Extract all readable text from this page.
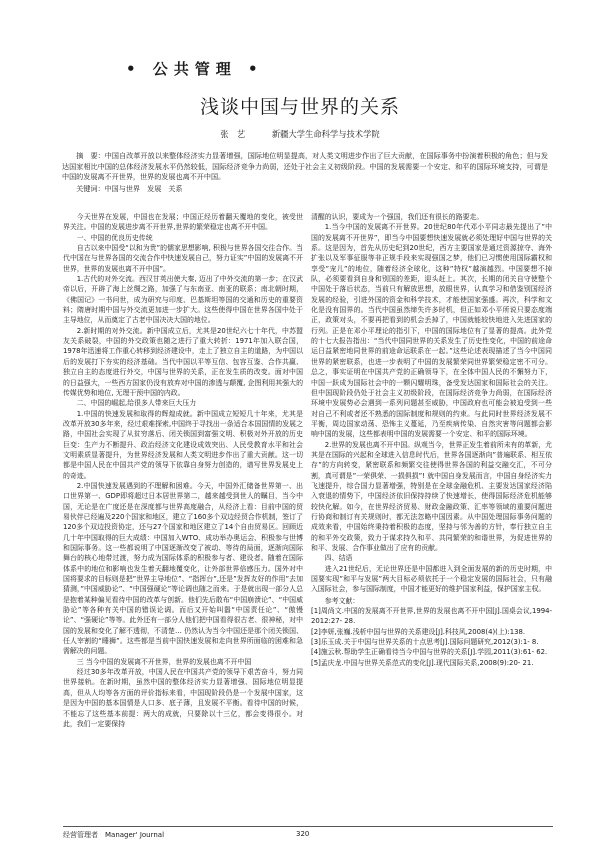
• 公共管理 •
浅谈中国与世界的关系
张　艺	新疆大学生命科学与技术学院
摘　要：中国自改革开放以来整体经济实力显著增强，国际地位明显提高，对人类文明进步作出了巨大贡献，在国际事务中扮演着积极的角色；但与发达国家相比中国的总体经济发展水平仍然较低，国际经济竞争力尚弱，还处于社会主义初级阶段。中国的发展需要一个安定、和平的国际环境支持，可谓是中国的发展离不开世界，世界的发展也离不开中国。
关键词：中国与世界　发展　关系

今天世界在发展，中国也在发展；中国正经历着翻天覆地的变化，被受世界关注。中国的发展进步离不开世界,世界的繁荣稳定也离不开中国。

一、中国的优良历史传统

自古以来中国受“以和为贵”的儒家思想影响, 积极与世界各国交往合作。当代中国在与世界各国的交流合作中快速发展自己，努力证实”中国的发展离不开世界，世界的发展也离不开中国”。

1.古代的对外交流。西汉甘英出使大秦, 迈出了中外交流的第一步；在汉武帝以后，开辟了海上丝绸之路，加强了与东南亚、南亚的联系；南北朝时期，《佛国记》一书问世，成为研究与印度、巴基斯坦等国的交通和历史的重要资料；隋唐时期中国与外交流更加进一步扩大。这些使得中国在世界各国中处于主导地位，从而奠定了古老中国决决大国的地位。

2.新时期的对外交流。新中国成立后，尤其是20世纪六七十年代，中苏盟友关系破裂，中国的外交政策也随之进行了重大转折：1971年加入联合国，1978年迅速将工作重心转移到经济建设中，走上了独立自主的道路，为中国以后的发展打下夯实的经济基础。当代中国以平等互信、包容互鉴、合作共赢、独立自主的态度进行外交，中国与世界的关系，正在发生质的改变。面对中国的日益强大，一些西方国家仍没有放弃对中国的渗透与颠覆, 企图利用其强大的传媒优势和地位, 无理干预中国的内政。

二、中国的崛起,给很多人带来巨大压力

1.中国的快速发展和取得的辉煌成就。新中国成立短短几十年来，尤其是改革开放30多年来，经过艰难探索,中国终于寻找出一条适合本国国情的发展之路，中国社会实现了从贫穷落后、闭关锁国到富强文明、积极对外开放的历史巨变：生产力不断提升、政治经济文化建设成效突出、人民受教育水平和社会文明素质显著提升，为世界经济发展和人类文明进步作出了重大贡献。这一切都是中国人民在中国共产党的领导下依靠自身努力创造的，谱写世界发展史上的奇迹。

2.中国快速发展遇到的不理解和困难。今天，中国外汇储备世界第一、出口世界第一、GDP即将超过日本居世界第二，越来越受到世人的瞩目，当今中国，无论是在广度还是在深度都与世界高度融合，从经济上看：目前中国的贸易伙伴已经遍及220个国家和地区，建立了160多个双边经贸合作机制，签订了120多个双边投资协定，还与27个国家和地区建立了14个自由贸易区。回顾近几十年中国取得的巨大成绩：中国加入WTO、成功举办奥运会、积极参与世博和国际事务。这一些都说明了中国逐渐改变了被动、等待的局面，逐渐向国际舞台的核心地带过渡，努力成为国际体系的积极参与者、建设者。随着在国际体系中的地位和影响也发生着天翻地覆变化，让外部世界倍感压力。国外对中国将要求的目标则是把”世界主导地位”、“指挥台”,还是”发挥友好的作用”去加猜测，”中国威胁论”、“中国强硬论”等论调也随之而来。于是就出现一部分人总是抱着某种偏见看待中国的改革与创新。他们先后散布“中国崩溃论”、“中国威胁论”等各种有关中国的错误论调。而后又开始叫嚣“中国责任论”、“傲慢论”、“强硬论”等等。此外还有一部分人他们把中国看得很古老、很神秘，对中国的发展和变化了解不透彻，不清楚… 仍然认为当今中国还是那个闭关锁国、任人宰割的“睡狮”。这些都是当前中国快速发展和走向世界所面临的困难和急需解决的问题。

三 当今中国的发展离不开世界，世界的发展也离不开中国

经过30多年改革开放，中国人民在中国共产党的领导下艰苦奋斗，努力同世界接轨。在新时期，虽然中国的整体经济实力显著增强、国际地位明显提高，但从人均等各方面的评价指标来看，中国现阶段仍是一个发展中国家，这是因为中国的基本国情是人口多、底子薄，且发展不平衡。看待中国的时候，不能忘了这些基本前提：两大的成就，只要除以十三亿，都会变得很小。对此，我们一定要保持

清醒的认识，要成为一个强国，我们还有很长的路要走。

1.当今中国的发展离不开世界。20世纪80年代邓小平同志最先提出了”中国的发展离不开世界”，即当今中国要想快速发展就必须处理好中国与世界的关系。这是因为，首先从历史纪到20世纪，西方主要国家是通过资源掠夺、海外扩张以及军事征服等非正规手段来实现强国之梦，他们已习惯使用国际霸权和享受”宠儿”的地位，随着经济全球化，这种”特权”越演越烈。中国要想不掉队，必须要看到自身和别国的差距，迎头赶上。其次，长期的闭关自守使整个中国处于落后状态，当前只有解放思想，放眼世界，认真学习和借鉴别国经济发展的经验，引进外国的资金和科学技术，才能使国家强盛。再次，科学和文化是没有国界的。当代中国虽然缔失许多时机，但正如邓小平所说只要态度端正，政策对头，不要再把看到的机会丢掉了，中国就能较快地进入先进国家的行列。正是在邓小平理论的指引下，中国的国际地位有了显著的提高。此外党的十七大报告指出：“当代中国同世界的关系发生了历史性变化，中国的前途命运日益紧密地同世界的前途命运联系在一起。”这些论述表现描述了当今中国同世界的紧密联系，也进一步表明了中国的发展繁荣同世界繁荣稳定密不可分。总之，事实证明在中国共产党的正确领导下，在全体中国人民的不懈努力下，中国一跃成为国际社会中的一颗闪耀明珠，备受发达国家和国际社会的关注。但中国现阶段仍处于社会主义初级阶段，在国际经济竞争力尚弱，在国际经济环境中发展势必会遇到一系列问题甚至威胁，中国政府也可能会被迫受到一些对自己不利或者还不熟悉的国际制度和规则的约束。与此同时世界经济发展不平衡，周边国家动荡、恐怖主义蔓延，乃至疾病传染、自然灾害等问题都会影响中国的发展，这些都表明中国的发展需要一个安定、和平的国际环境。

2.世界的发展也离不开中国。纵观当今，世界正发生着前所未有的革新，尤其是在国际的兴起和全球进入信息时代后，世界各国逐渐向”普遍联系、相互依存”的方向转变，紧密联系和频繁交往使得世界各国的利益交融交汇，不可分割，真可谓是”一荣俱荣、一损俱损”! 就中国自身发展而言，中国自身经济实力飞速提升，综合国力显著增强，特别是在全球金融危机、主要发达国家经济陷入衰退的情势下，中国经济依旧保持持续了快速增长，使得国际经济危机能够较快化解。如今，在世界经济贸易、财政金融政策、汇率等领域的重要问题进行协商和制订有关规则时，都无法忽略中国因素。从中国处理国际事务问题的成效来看，中国始终秉持着积极的态度，坚持与邻为善的方针，奉行独立自主的和平外交政策，致力于谋求持久和平、共同繁荣的和谐世界，为促进世界的和平、发展、合作事业做出了应有的贡献。

四、结语

进入21世纪后，无论世界还是中国都进入到全面发展的新的历史时期，中国要实现”和平与发展”两大目标必须依托于一个稳定发展的国际社会，只有融入国际社会，参与国际制度，中国才能更好的维护国家利益，保护国家主权。

参考文献：

[1]周尚文.中国的发展离不开世界,世界的发展也离不开中国[J].国桌会议,1994- 2012:27- 28.

[2]李妍,张巍.浅析中国与世界的关系建设[J].科技风,2008(4)(上):138.

[3]乐玉成.关于中国与世界关系的十点思考[J].国际问题研究,2012(3):1- 8.

[4]施云秋.帮助学生正确看待当今中国与世界的关系[J].学园,2011(3):61- 62.

[5]孟庆龙.中国与世界关系范式的变化[J].现代国际关系,2008(9):20- 21.

经营管理者　Manager' Journal	320
